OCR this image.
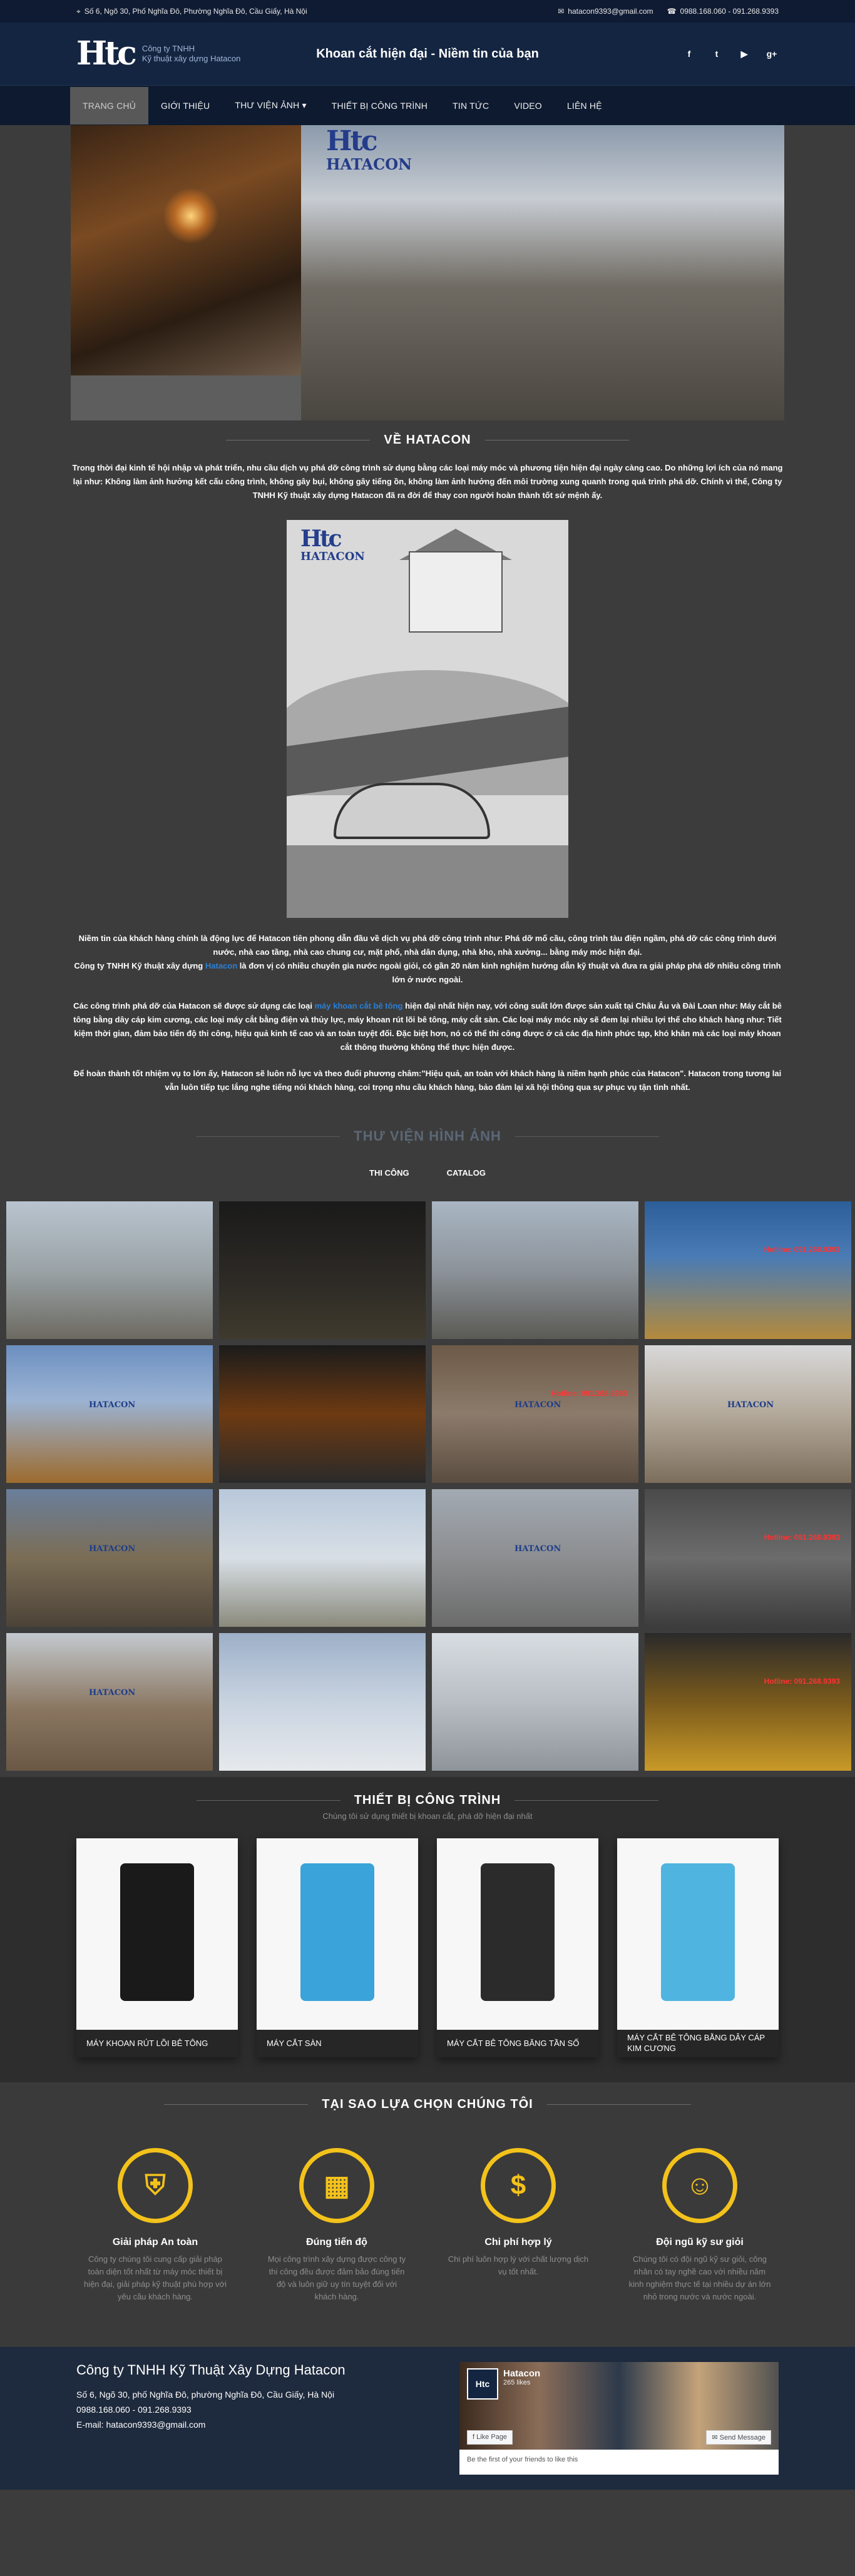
⌖ Số 6, Ngõ 30, Phố Nghĩa Đô, Phường Nghĩa Đô, Cầu Giấy, Hà Nội	✉ hatacon9393@gmail.com ☎ 0988.168.060 - 091.268.9393
Htc Công ty TNHH
Kỹ thuật xây dựng Hatacon	Khoan cắt hiện đại - Niềm tin của bạn	f	t	▶	g+
TRANG CHỦ	GIỚI THIỆU	THƯ VIỆN ẢNH ▾	THIẾT BỊ CÔNG TRÌNH	TIN TỨC	VIDEO	LIÊN HỆ
Htc
HATACON
VỀ HATACON

Trong thời đại kinh tế hội nhập và phát triển, nhu cầu dịch vụ phá dỡ công trình sử dụng bằng các loại máy móc và phương tiện hiện đại ngày càng cao. Do những lợi ích của nó mang lại như: Không làm ảnh hưởng kết cấu công trình, không gây bụi, không gây tiếng ồn, không làm ảnh hưởng đến môi trường xung quanh trong quá trình phá dỡ. Chính vì thế, Công ty TNHH Kỹ thuật xây dựng Hatacon đã ra đời để thay con người hoàn thành tốt sứ mệnh ấy.

Htc
HATACON

Niềm tin của khách hàng chính là động lực để Hatacon tiên phong dẫn đầu về dịch vụ phá dỡ công trình như: Phá dỡ mố cầu, công trình tàu điện ngầm, phá dỡ các công trình dưới nước, nhà cao tầng, nhà cao chung cư, mặt phố, nhà dân dụng, nhà kho, nhà xưởng... bằng máy móc hiện đại.

Công ty TNHH Kỹ thuật xây dựng Hatacon là đơn vị có nhiều chuyên gia nước ngoài giỏi, có gần 20 năm kinh nghiệm hướng dẫn kỹ thuật và đưa ra giải pháp phá dỡ nhiều công trình lớn ở nước ngoài.

Các công trình phá dỡ của Hatacon sẽ được sử dụng các loại máy khoan cắt bê tông hiện đại nhất hiện nay, với công suất lớn được sản xuất tại Châu Âu và Đài Loan như: Máy cắt bê tông bằng dây cáp kim cương, các loại máy cắt bằng điện và thủy lực, máy khoan rút lõi bê tông, máy cắt sàn. Các loại máy móc này sẽ đem lại nhiều lợi thế cho khách hàng như: Tiết kiệm thời gian, đảm bảo tiến độ thi công, hiệu quả kinh tế cao và an toàn tuyệt đối. Đặc biệt hơn, nó có thể thi công được ở cả các địa hình phức tạp, khó khăn mà các loại máy khoan cắt thông thường không thể thực hiện được.

Để hoàn thành tốt nhiệm vụ to lớn ấy, Hatacon sẽ luôn nỗ lực và theo đuổi phương châm:"Hiệu quả, an toàn với khách hàng là niềm hạnh phúc của Hatacon". Hatacon trong tương lai vẫn luôn tiếp tục lắng nghe tiếng nói khách hàng, coi trọng nhu cầu khách hàng, bảo đảm lại xã hội thông qua sự phục vụ tận tình nhất.

THƯ VIỆN HÌNH ẢNH
THI CÔNG	CATALOG
Hotline: 091.268.9393
HATACON	HATACON
Hotline: 091.268.9393
HATACON
HATACON	HATACON
Hotline: 091.268.9393
HATACON
Hotline: 091.268.9393
THIẾT BỊ CÔNG TRÌNH
Chúng tôi sử dụng thiết bị khoan cắt, phá dỡ hiện đại nhất
MÁY KHOAN RÚT LÕI BÊ TÔNG	MÁY CẮT SÀN	MÁY CẮT BÊ TÔNG BĂNG TẦN SỐ
MÁY CẮT BÊ TÔNG BẰNG DÂY CÁP KIM CƯƠNG
TẠI SAO LỰA CHỌN CHÚNG TÔI
⛨
Giải pháp An toàn

Công ty chúng tôi cung cấp giải pháp toàn diện tốt nhất từ máy móc thiết bị hiện đại, giải pháp kỹ thuật phù hợp với yêu cầu khách hàng.

▦
Đúng tiến độ

Mọi công trình xây dựng được công ty thi công đều được đảm bảo đúng tiến độ và luôn giữ uy tín tuyệt đối với khách hàng.

$
Chi phí hợp lý

Chi phí luôn hợp lý với chất lượng dịch vụ tốt nhất.

☺
Đội ngũ kỹ sư giỏi

Chúng tôi có đội ngũ kỹ sư giỏi, công nhân có tay nghề cao với nhiều năm kinh nghiệm thực tế tại nhiều dự án lớn nhỏ trong nước và nước ngoài.

Công ty TNHH Kỹ Thuật Xây Dựng Hatacon
Số 6, Ngõ 30, phố Nghĩa Đô, phường Nghĩa Đô, Cầu Giấy, Hà Nội
0988.168.060 - 091.268.9393
E-mail: hatacon9393@gmail.com
Htc
Hatacon
265 likes
f Like Page	✉ Send Message
Be the first of your friends to like this
